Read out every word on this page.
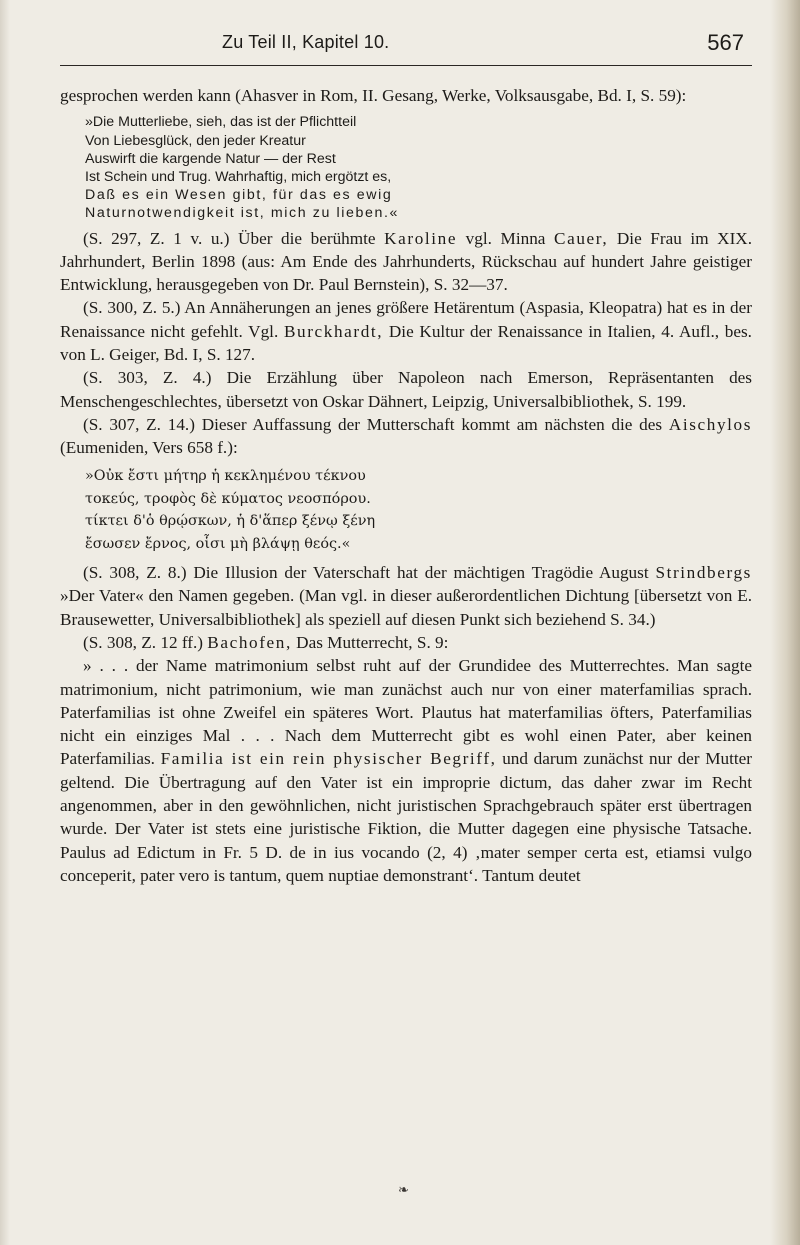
Zu Teil II, Kapitel 10.	567

gesprochen werden kann (Ahasver in Rom, II. Gesang, Werke, Volksausgabe, Bd. I, S. 59):

»Die Mutterliebe, sieh, das ist der Pflichtteil

Von Liebesglück, den jeder Kreatur

Auswirft die kargende Natur — der Rest

Ist Schein und Trug. Wahrhaftig, mich ergötzt es,

Daß es ein Wesen gibt, für das es ewig

Naturnotwendigkeit ist, mich zu lieben.«

(S. 297, Z. 1 v. u.) Über die berühmte Karoline vgl. Minna Cauer, Die Frau im XIX. Jahrhundert, Berlin 1898 (aus: Am Ende des Jahrhunderts, Rückschau auf hundert Jahre geistiger Entwicklung, herausgegeben von Dr. Paul Bernstein), S. 32—37.

(S. 300, Z. 5.) An Annäherungen an jenes größere Hetärentum (Aspasia, Kleopatra) hat es in der Renaissance nicht gefehlt. Vgl. Burckhardt, Die Kultur der Renaissance in Italien, 4. Aufl., bes. von L. Geiger, Bd. I, S. 127.

(S. 303, Z. 4.) Die Erzählung über Napoleon nach Emerson, Repräsentanten des Menschengeschlechtes, übersetzt von Oskar Dähnert, Leipzig, Universalbibliothek, S. 199.

(S. 307, Z. 14.) Dieser Auffassung der Mutterschaft kommt am nächsten die des Aischylos (Eumeniden, Vers 658 f.):

»Οὐκ ἔστι μήτηρ ἡ κεκλημένου τέκνου

τοκεύς, τροφὸς δὲ κύματος νεοσπόρου.

τίκτει δ'ὁ θρῴσκων, ἡ δ'ἅπερ ξένῳ ξένη

ἔσωσεν ἔρνος, οἷσι μὴ βλάψῃ θεός.«

(S. 308, Z. 8.) Die Illusion der Vaterschaft hat der mächtigen Tragödie August Strindbergs »Der Vater« den Namen gegeben. (Man vgl. in dieser außerordentlichen Dichtung [übersetzt von E. Brausewetter, Universalbibliothek] als speziell auf diesen Punkt sich beziehend S. 34.)

(S. 308, Z. 12 ff.) Bachofen, Das Mutterrecht, S. 9:

» . . . der Name matrimonium selbst ruht auf der Grundidee des Mutterrechtes. Man sagte matrimonium, nicht patrimonium, wie man zunächst auch nur von einer materfamilias sprach. Paterfamilias ist ohne Zweifel ein späteres Wort. Plautus hat materfamilias öfters, Paterfamilias nicht ein einziges Mal . . . Nach dem Mutterrecht gibt es wohl einen Pater, aber keinen Paterfamilias. Familia ist ein rein physischer Begriff, und darum zunächst nur der Mutter geltend. Die Übertragung auf den Vater ist ein improprie dictum, das daher zwar im Recht angenommen, aber in den gewöhnlichen, nicht juristischen Sprachgebrauch später erst übertragen wurde. Der Vater ist stets eine juristische Fiktion, die Mutter dagegen eine physische Tatsache. Paulus ad Edictum in Fr. 5 D. de in ius vocando (2, 4) ‚mater semper certa est, etiamsi vulgo conceperit, pater vero is tantum, quem nuptiae demonstrant‘. Tantum deutet

❧
